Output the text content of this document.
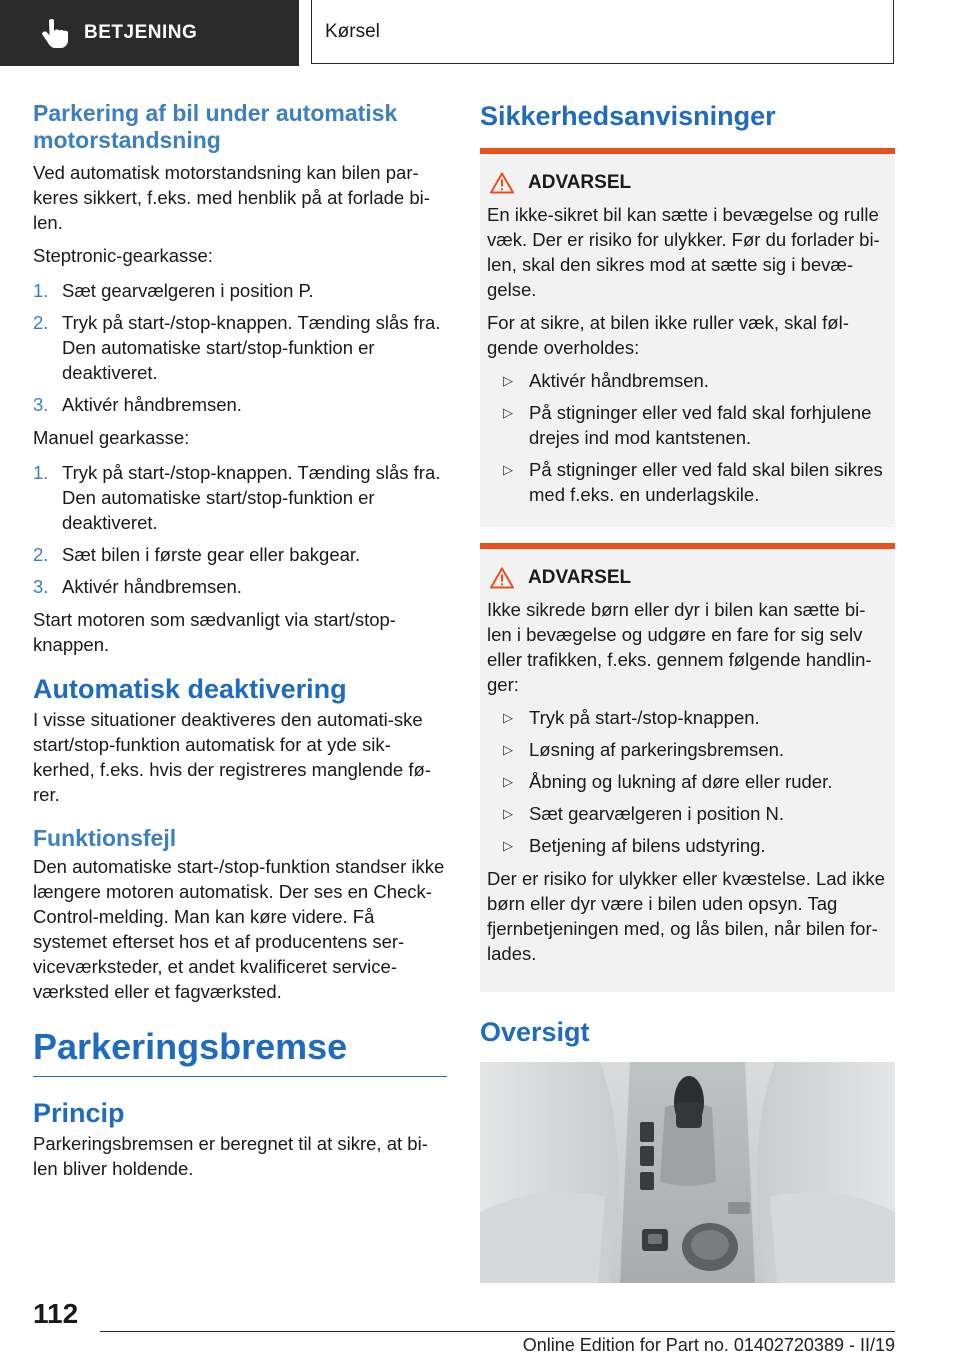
BETJENING	Kørsel
Parkering af bil under automatisk motorstandsning

Ved automatisk motorstandsning kan bilen par-keres sikkert, f.eks. med henblik på at forlade bi-len.

Steptronic-gearkasse:

1. Sæt gearvælgeren i position P.
2. Tryk på start-/stop-knappen. Tænding slås fra. Den automatiske start/stop-funktion er deaktiveret.
3. Aktivér håndbremsen.

Manuel gearkasse:

1. Tryk på start-/stop-knappen. Tænding slås fra. Den automatiske start/stop-funktion er deaktiveret.
2. Sæt bilen i første gear eller bakgear.
3. Aktivér håndbremsen.

Start motoren som sædvanligt via start/stop-knappen.

Automatisk deaktivering

I visse situationer deaktiveres den automati-ske start/stop-funktion automatisk for at yde sik-kerhed, f.eks. hvis der registreres manglende fø-rer.

Funktionsfejl

Den automatiske start-/stop-funktion standser ikke længere motoren automatisk. Der ses en Check-Control-melding. Man kan køre videre. Få systemet efterset hos et af producentens ser-viceværksteder, et andet kvalificeret service-værksted eller et fagværksted.

Parkeringsbremse
Princip

Parkeringsbremsen er beregnet til at sikre, at bi-len bliver holdende.

Sikkerhedsanvisninger
ADVARSEL

En ikke-sikret bil kan sætte i bevægelse og rulle væk. Der er risiko for ulykker. Før du forlader bi-len, skal den sikres mod at sætte sig i bevæ-gelse.

For at sikre, at bilen ikke ruller væk, skal føl-gende overholdes:

▷ Aktivér håndbremsen.
▷ På stigninger eller ved fald skal forhjulene drejes ind mod kantstenen.
▷ På stigninger eller ved fald skal bilen sikres med f.eks. en underlagskile.
ADVARSEL

Ikke sikrede børn eller dyr i bilen kan sætte bi-len i bevægelse og udgøre en fare for sig selv eller trafikken, f.eks. gennem følgende handlin-ger:

▷ Tryk på start-/stop-knappen.
▷ Løsning af parkeringsbremsen.
▷ Åbning og lukning af døre eller ruder.
▷ Sæt gearvælgeren i position N.
▷ Betjening af bilens udstyring.

Der er risiko for ulykker eller kvæstelse. Lad ikke børn eller dyr være i bilen uden opsyn. Tag fjernbetjeningen med, og lås bilen, når bilen for-lades.

Oversigt
112
Online Edition for Part no. 01402720389 - II/19
